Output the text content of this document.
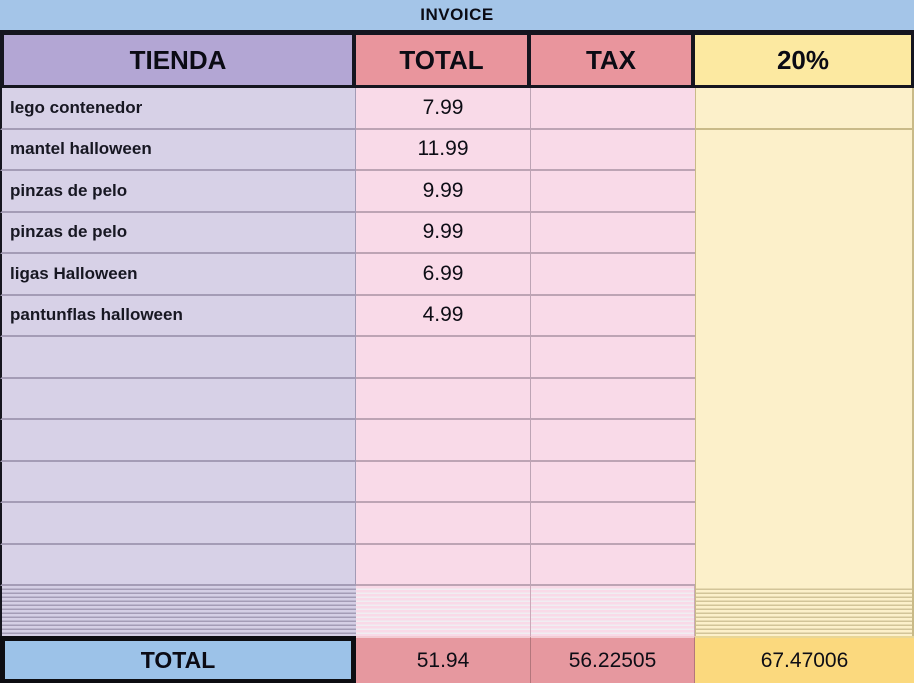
INVOICE
TIENDA	TOTAL	TAX	20%
lego contenedor	7.99
mantel halloween	11.99
pinzas de pelo	9.99
pinzas de pelo	9.99
ligas Halloween	6.99
pantunflas halloween	4.99
TOTAL	51.94	56.22505	67.47006
